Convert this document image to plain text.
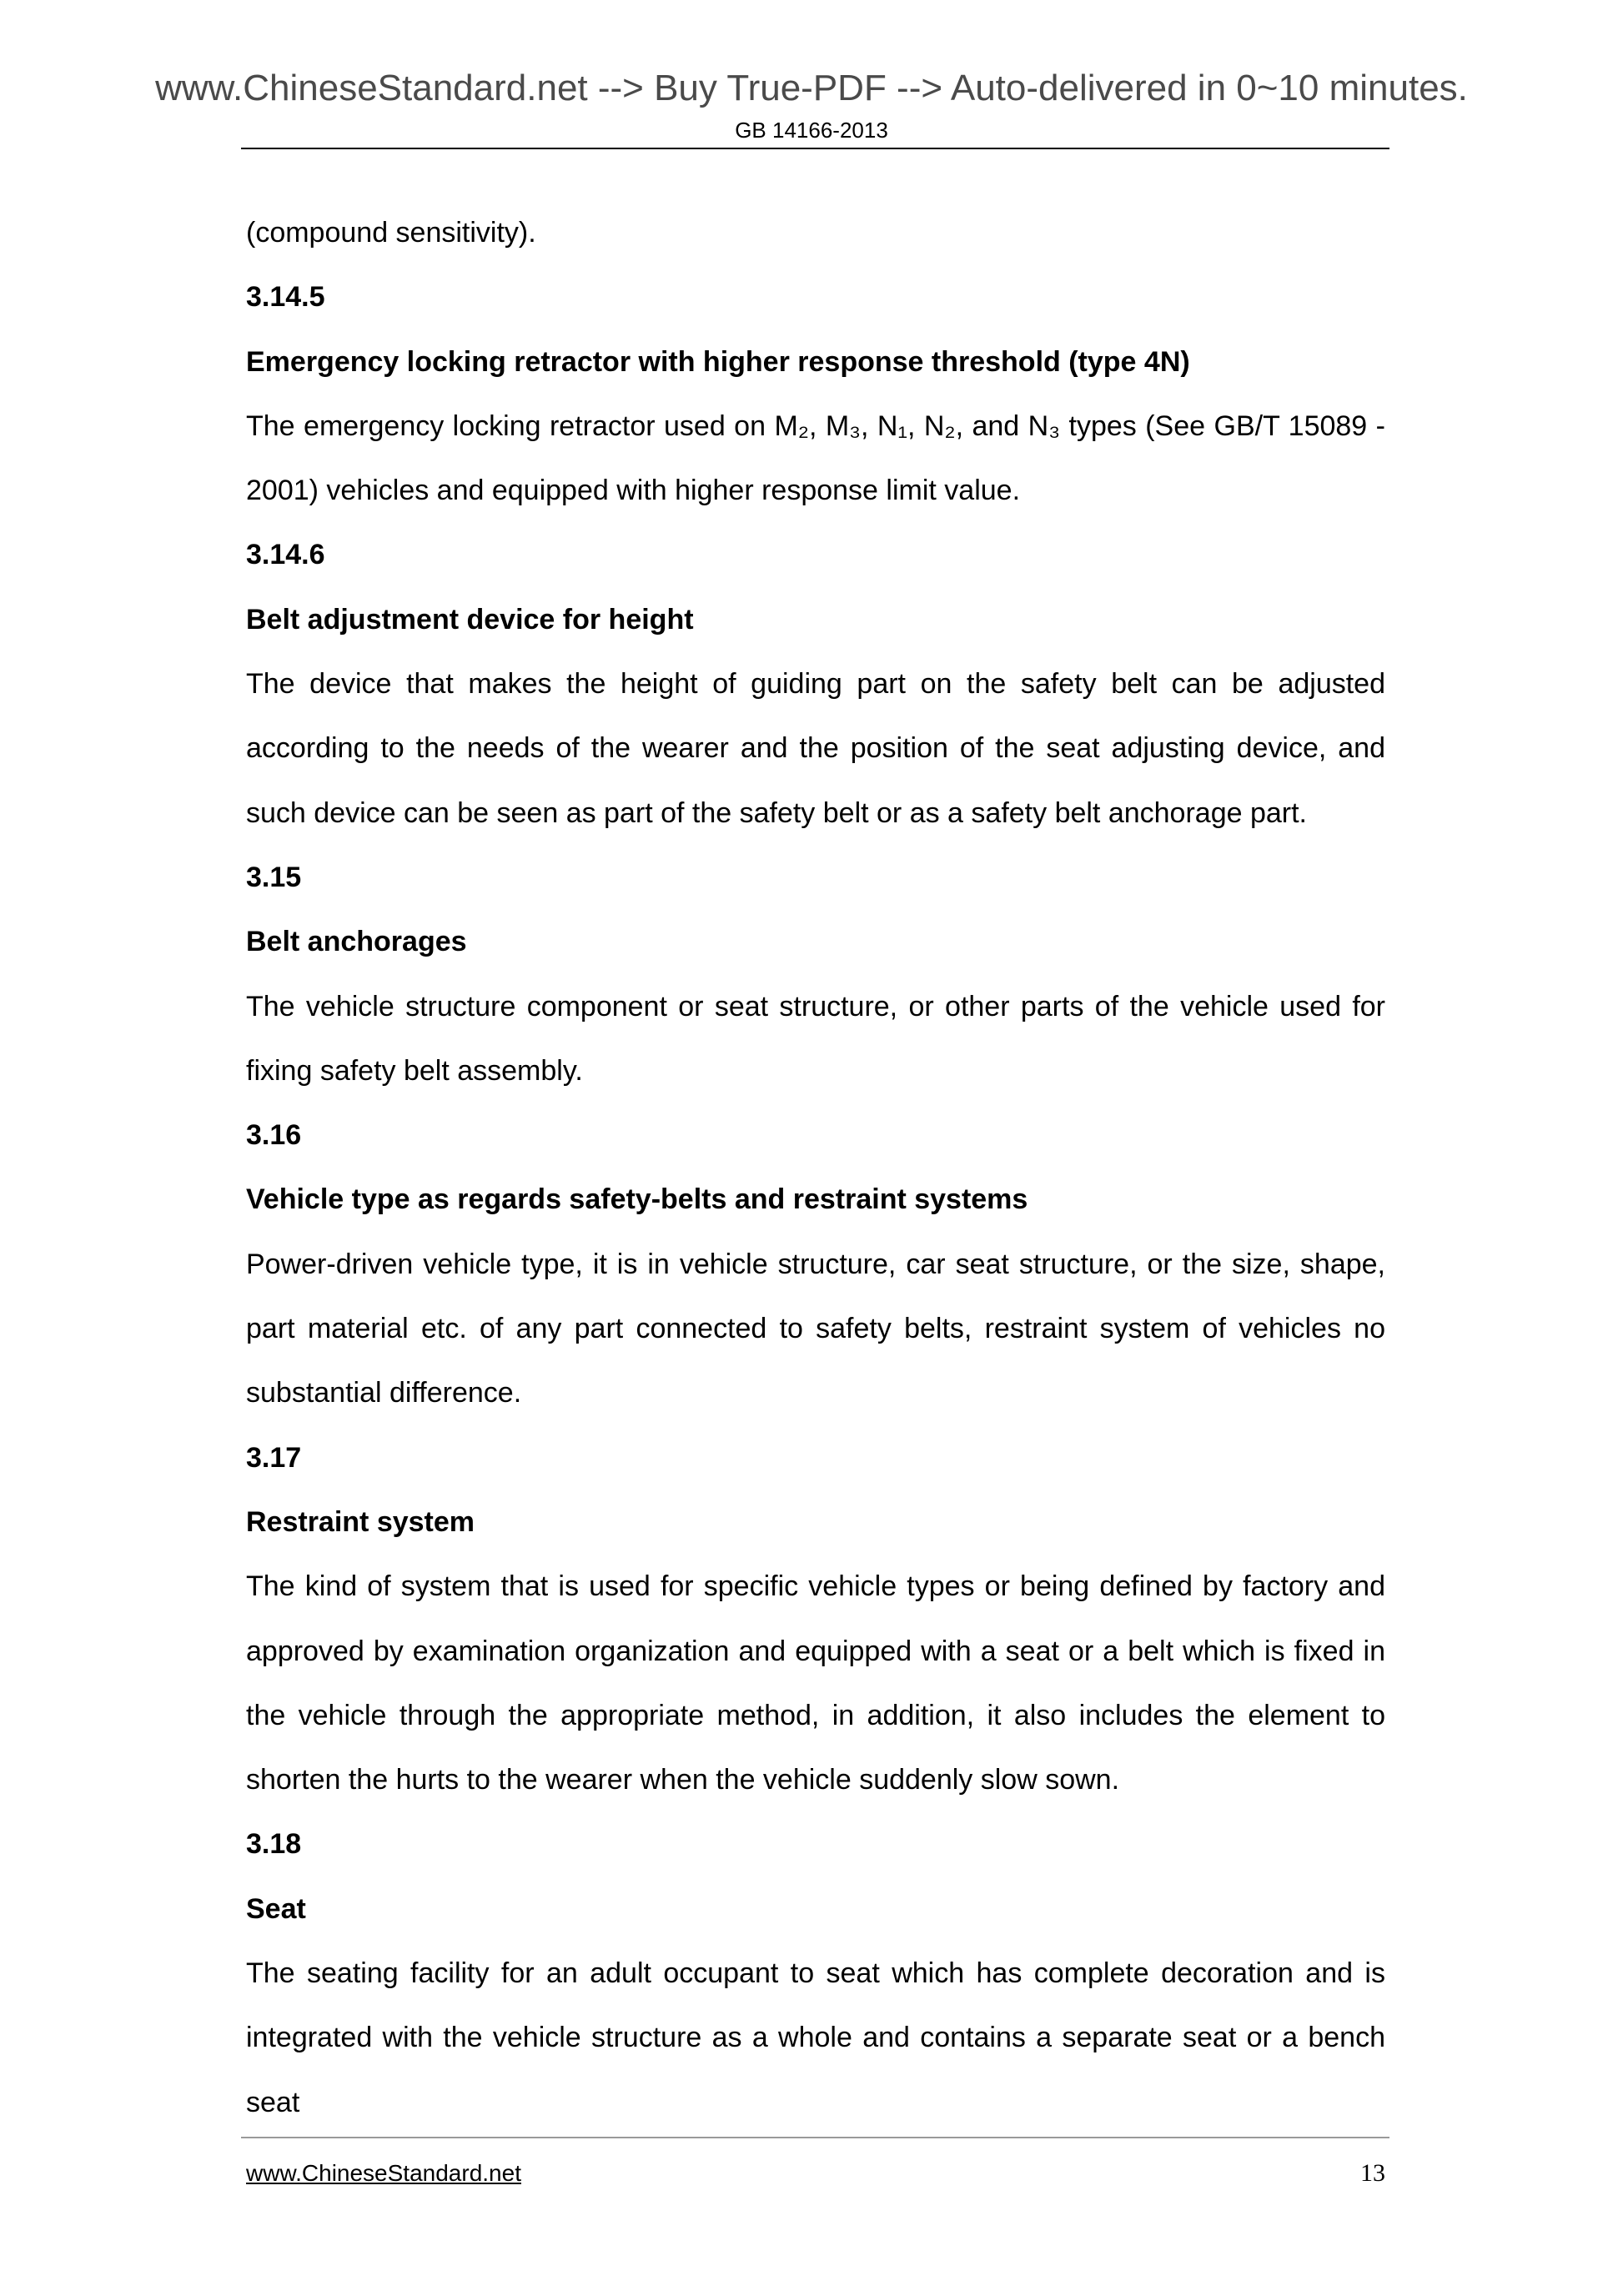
www.ChineseStandard.net --> Buy True-PDF --> Auto-delivered in 0~10 minutes.
GB 14166-2013

(compound sensitivity).

3.14.5

Emergency locking retractor with higher response threshold (type 4N)

The emergency locking retractor used on M₂, M₃, N₁, N₂, and N₃ types (See GB/T 15089 - 2001) vehicles and equipped with higher response limit value.

3.14.6

Belt adjustment device for height

The device that makes the height of guiding part on the safety belt can be adjusted according to the needs of the wearer and the position of the seat adjusting device, and such device can be seen as part of the safety belt or as a safety belt anchorage part.

3.15

Belt anchorages

The vehicle structure component or seat structure, or other parts of the vehicle used for fixing safety belt assembly.

3.16

Vehicle type as regards safety-belts and restraint systems

Power-driven vehicle type, it is in vehicle structure, car seat structure, or the size, shape, part material etc. of any part connected to safety belts, restraint system of vehicles no substantial difference.

3.17

Restraint system

The kind of system that is used for specific vehicle types or being defined by factory and approved by examination organization and equipped with a seat or a belt which is fixed in the vehicle through the appropriate method, in addition, it also includes the element to shorten the hurts to the wearer when the vehicle suddenly slow sown.

3.18

Seat

The seating facility for an adult occupant to seat which has complete decoration and is integrated with the vehicle structure as a whole and contains a separate seat or a bench seat

www.ChineseStandard.net	13
